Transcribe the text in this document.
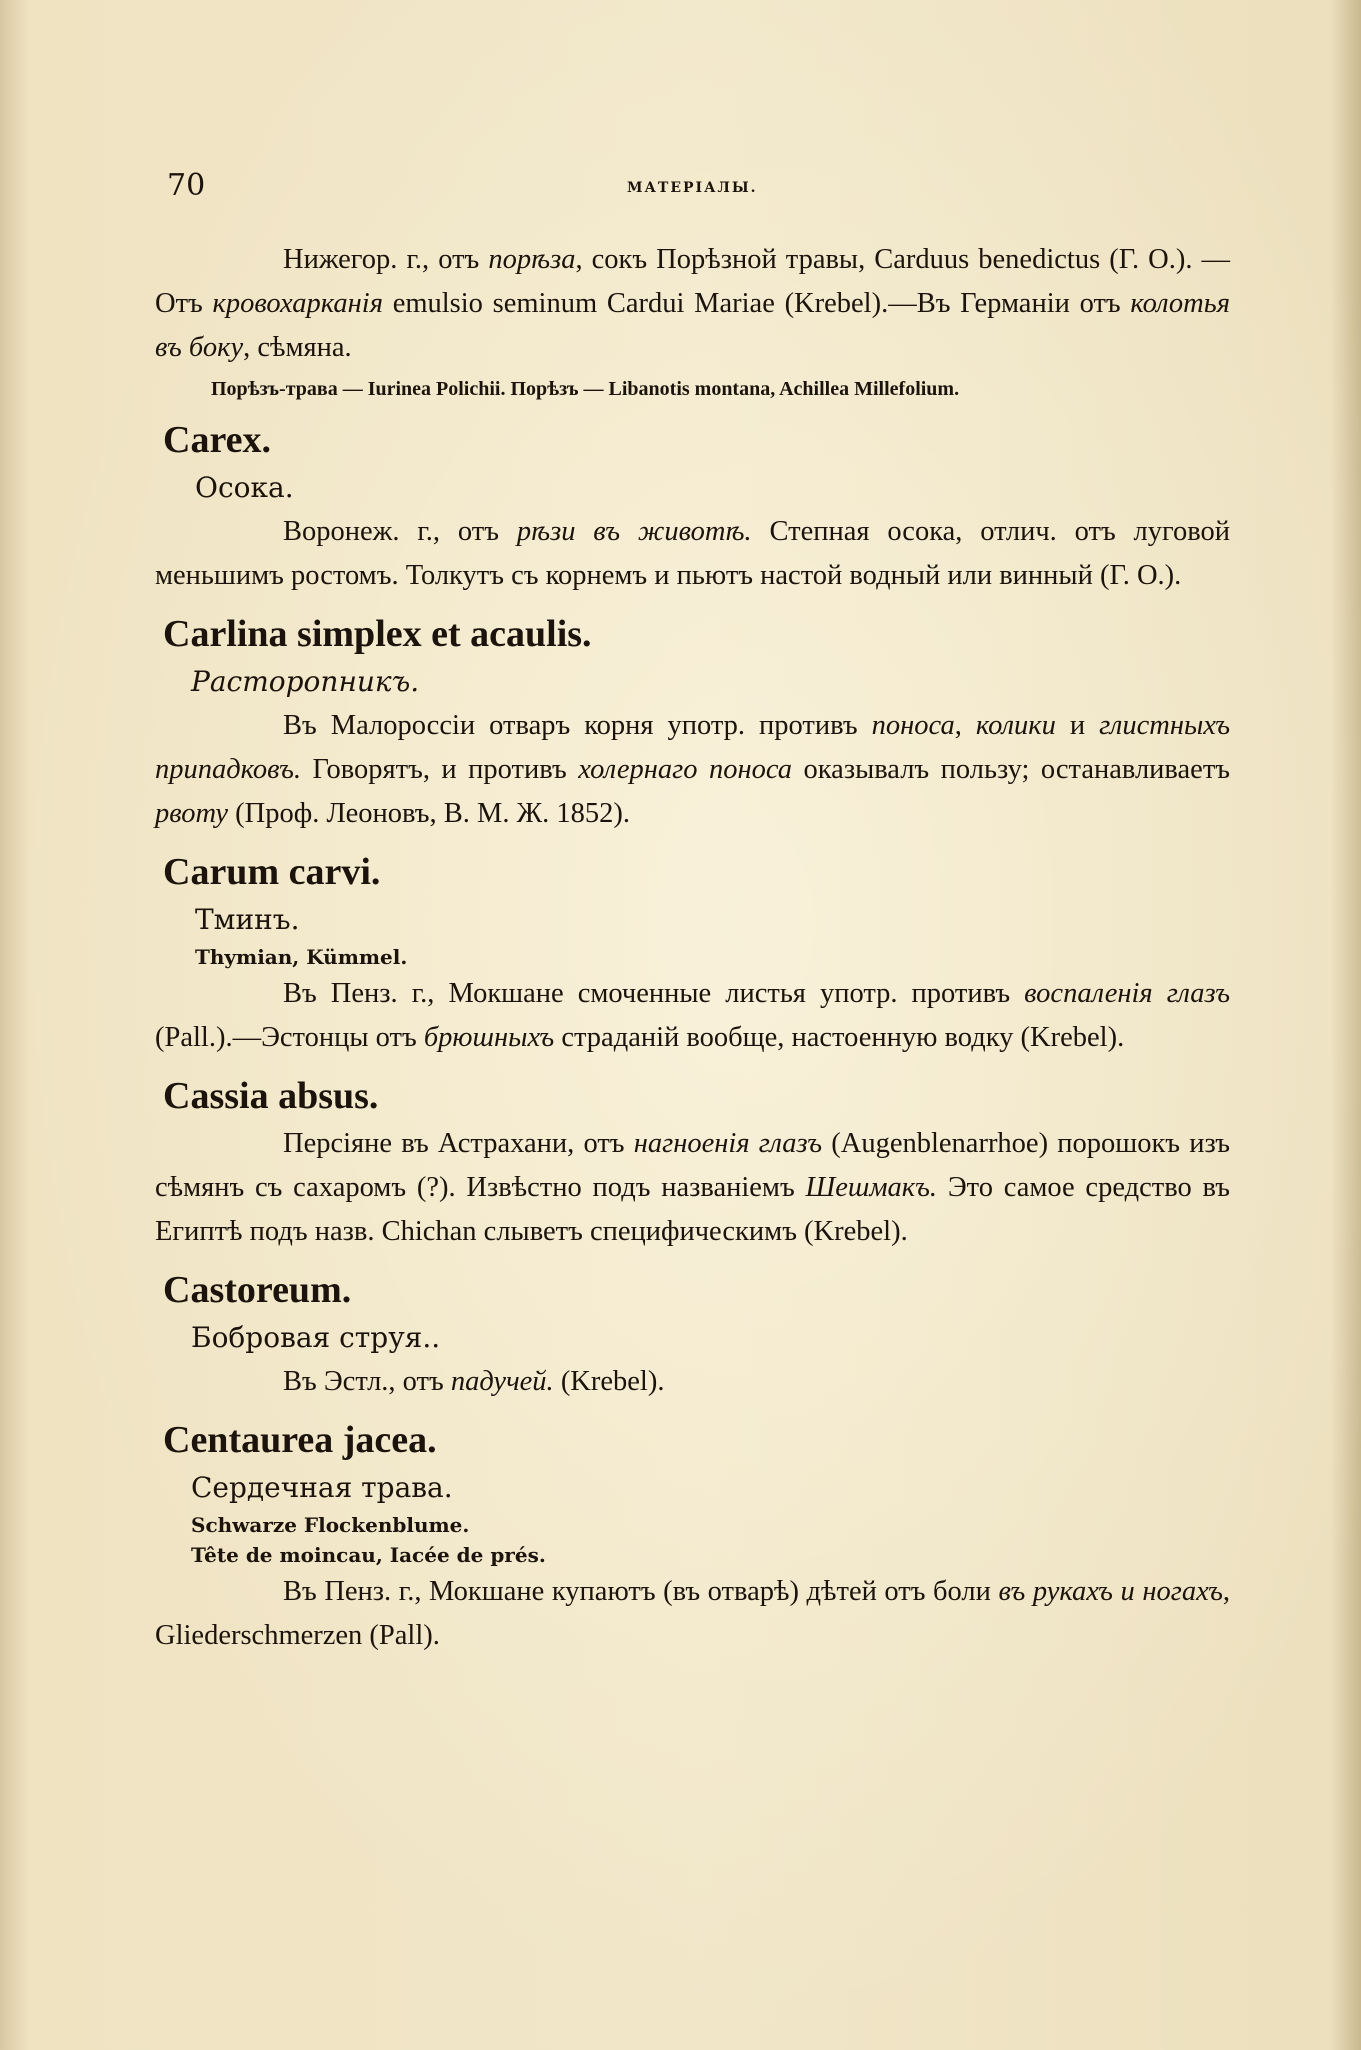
70	МАТЕРІАЛЫ.

Нижегор. г., отъ порѣза, сокъ Порѣзной травы, Carduus benedictus (Г. О.). — Отъ кровохарканія emulsio seminum Cardui Mariae (Krebel).—Въ Германіи отъ колотья въ боку, сѣмяна.

Порѣзъ-трава — Iurinea Polichii. Порѣзъ — Libanotis montana, Achillea Millefolium.

Carex.
Осока.

Воронеж. г., отъ рѣзи въ животѣ. Степная осока, отлич. отъ луговой меньшимъ ростомъ. Толкутъ съ корнемъ и пьютъ настой водный или винный (Г. О.).

Carlina simplex et acaulis.
Расторопникъ.

Въ Малороссіи отваръ корня употр. противъ поноса, колики и глистныхъ припадковъ. Говорятъ, и противъ холернаго поноса оказывалъ пользу; останавливаетъ рвоту (Проф. Леоновъ, В. М. Ж. 1852).

Carum carvi.
Тминъ.
Thymian, Kümmel.

Въ Пенз. г., Мокшане смоченные листья употр. противъ воспаленія глазъ (Pall.).—Эстонцы отъ брюшныхъ страданій вообще, настоенную водку (Krebel).

Cassia absus.

Персіяне въ Астрахани, отъ нагноенія глазъ (Augenblenarrhoe) порошокъ изъ сѣмянъ съ сахаромъ (?). Извѣстно подъ названіемъ Шешмакъ. Это самое средство въ Египтѣ подъ назв. Chichan слыветъ специфическимъ (Krebel).

Castoreum.
Бобровая струя..

Въ Эстл., отъ падучей. (Krebel).

Centaurea jacea.
Сердечная трава.
Schwarze Flockenblume.
Tête de moincau, Iacée de prés.

Въ Пенз. г., Мокшане купаютъ (въ отварѣ) дѣтей отъ боли въ рукахъ и ногахъ, Gliederschmerzen (Pall).
